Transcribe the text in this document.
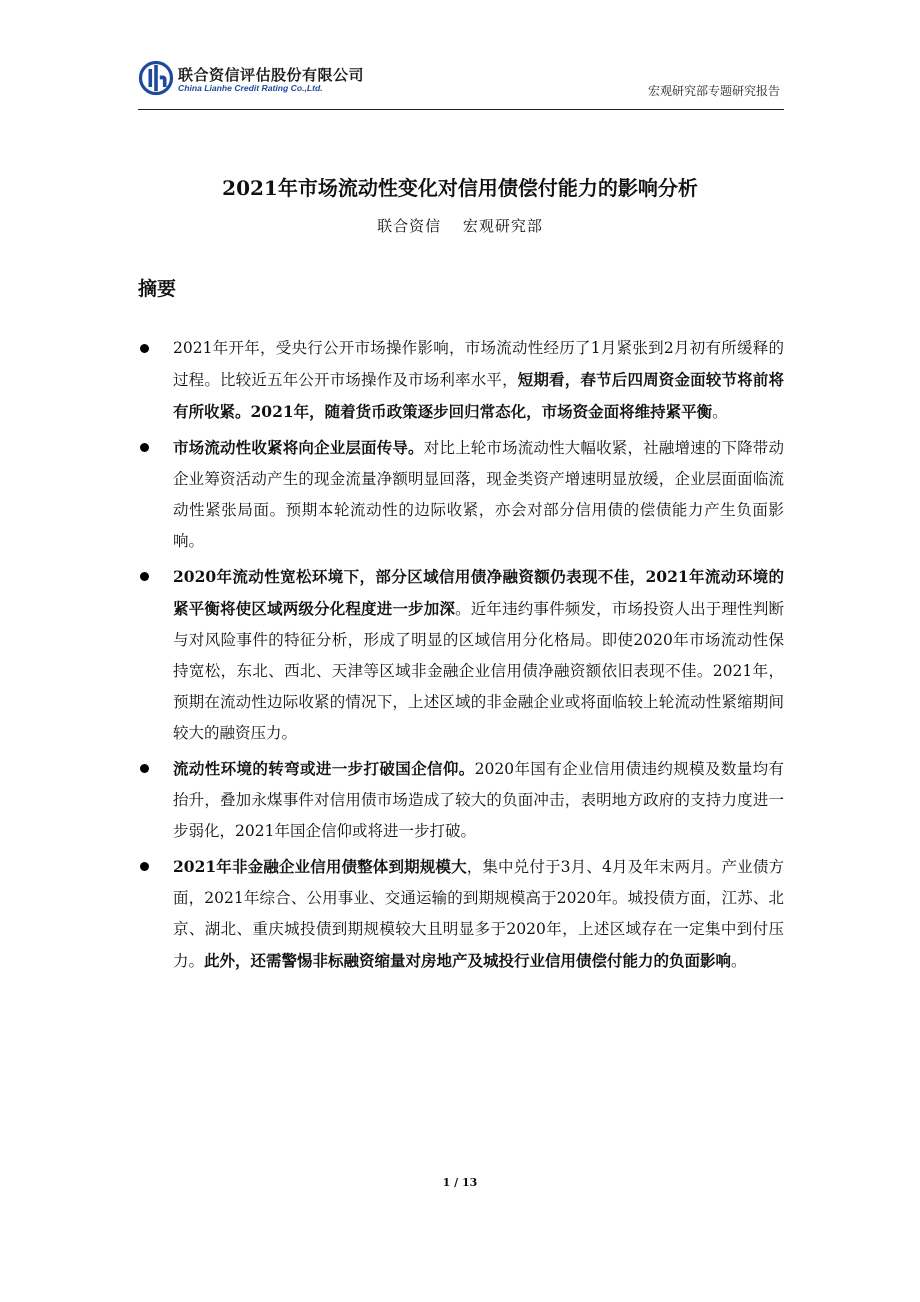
联合资信评估股份有限公司
China Lianhe Credit Rating Co.,Ltd.	宏观研究部专题研究报告
2021年市场流动性变化对信用债偿付能力的影响分析
联合资信 宏观研究部
摘要
2021年开年，受央行公开市场操作影响，市场流动性经历了1月紧张到2月初有所缓释的过程。比较近五年公开市场操作及市场利率水平，短期看，春节后四周资金面较节将前将有所收紧。2021年，随着货币政策逐步回归常态化，市场资金面将维持紧平衡。
市场流动性收紧将向企业层面传导。对比上轮市场流动性大幅收紧，社融增速的下降带动企业筹资活动产生的现金流量净额明显回落，现金类资产增速明显放缓，企业层面面临流动性紧张局面。预期本轮流动性的边际收紧，亦会对部分信用债的偿债能力产生负面影响。
2020年流动性宽松环境下，部分区域信用债净融资额仍表现不佳，2021年流动环境的紧平衡将使区域两级分化程度进一步加深。近年违约事件频发，市场投资人出于理性判断与对风险事件的特征分析，形成了明显的区域信用分化格局。即使2020年市场流动性保持宽松，东北、西北、天津等区域非金融企业信用债净融资额依旧表现不佳。2021年，预期在流动性边际收紧的情况下，上述区域的非金融企业或将面临较上轮流动性紧缩期间较大的融资压力。
流动性环境的转弯或进一步打破国企信仰。2020年国有企业信用债违约规模及数量均有抬升，叠加永煤事件对信用债市场造成了较大的负面冲击，表明地方政府的支持力度进一步弱化，2021年国企信仰或将进一步打破。
2021年非金融企业信用债整体到期规模大，集中兑付于3月、4月及年末两月。产业债方面，2021年综合、公用事业、交通运输的到期规模高于2020年。城投债方面，江苏、北京、湖北、重庆城投债到期规模较大且明显多于2020年，上述区域存在一定集中到付压力。此外，还需警惕非标融资缩量对房地产及城投行业信用债偿付能力的负面影响。
1 / 13
